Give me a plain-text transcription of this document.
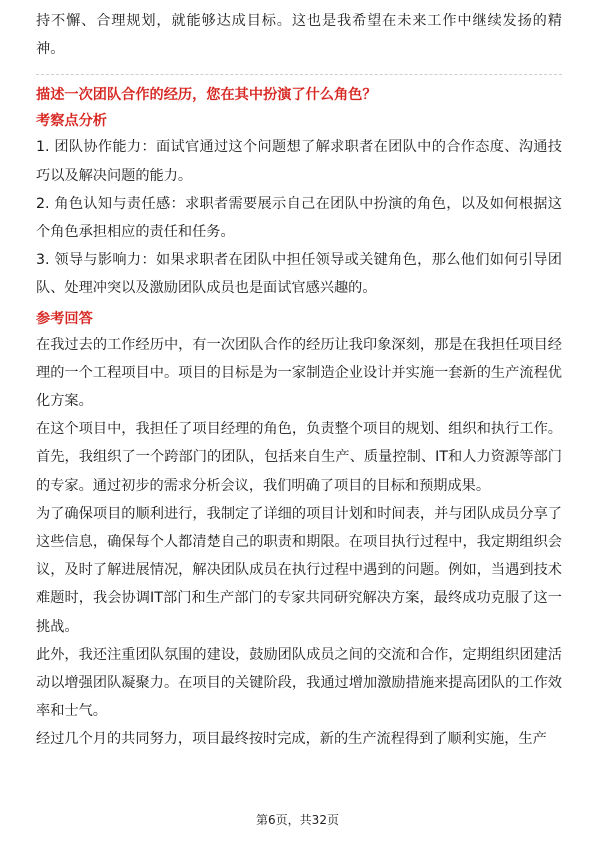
持不懈、合理规划，就能够达成目标。这也是我希望在未来工作中继续发扬的精神。

描述一次团队合作的经历，您在其中扮演了什么角色？

考察点分析

1. 团队协作能力：面试官通过这个问题想了解求职者在团队中的合作态度、沟通技巧以及解决问题的能力。

2. 角色认知与责任感：求职者需要展示自己在团队中扮演的角色，以及如何根据这个角色承担相应的责任和任务。

3. 领导与影响力：如果求职者在团队中担任领导或关键角色，那么他们如何引导团队、处理冲突以及激励团队成员也是面试官感兴趣的。

参考回答

在我过去的工作经历中，有一次团队合作的经历让我印象深刻，那是在我担任项目经理的一个工程项目中。项目的目标是为一家制造企业设计并实施一套新的生产流程优化方案。

在这个项目中，我担任了项目经理的角色，负责整个项目的规划、组织和执行工作。首先，我组织了一个跨部门的团队，包括来自生产、质量控制、IT和人力资源等部门的专家。通过初步的需求分析会议，我们明确了项目的目标和预期成果。

为了确保项目的顺利进行，我制定了详细的项目计划和时间表，并与团队成员分享了这些信息，确保每个人都清楚自己的职责和期限。在项目执行过程中，我定期组织会议，及时了解进展情况，解决团队成员在执行过程中遇到的问题。例如，当遇到技术难题时，我会协调IT部门和生产部门的专家共同研究解决方案，最终成功克服了这一挑战。

此外，我还注重团队氛围的建设，鼓励团队成员之间的交流和合作，定期组织团建活动以增强团队凝聚力。在项目的关键阶段，我通过增加激励措施来提高团队的工作效率和士气。

经过几个月的共同努力，项目最终按时完成，新的生产流程得到了顺利实施，生产

第6页，共32页
